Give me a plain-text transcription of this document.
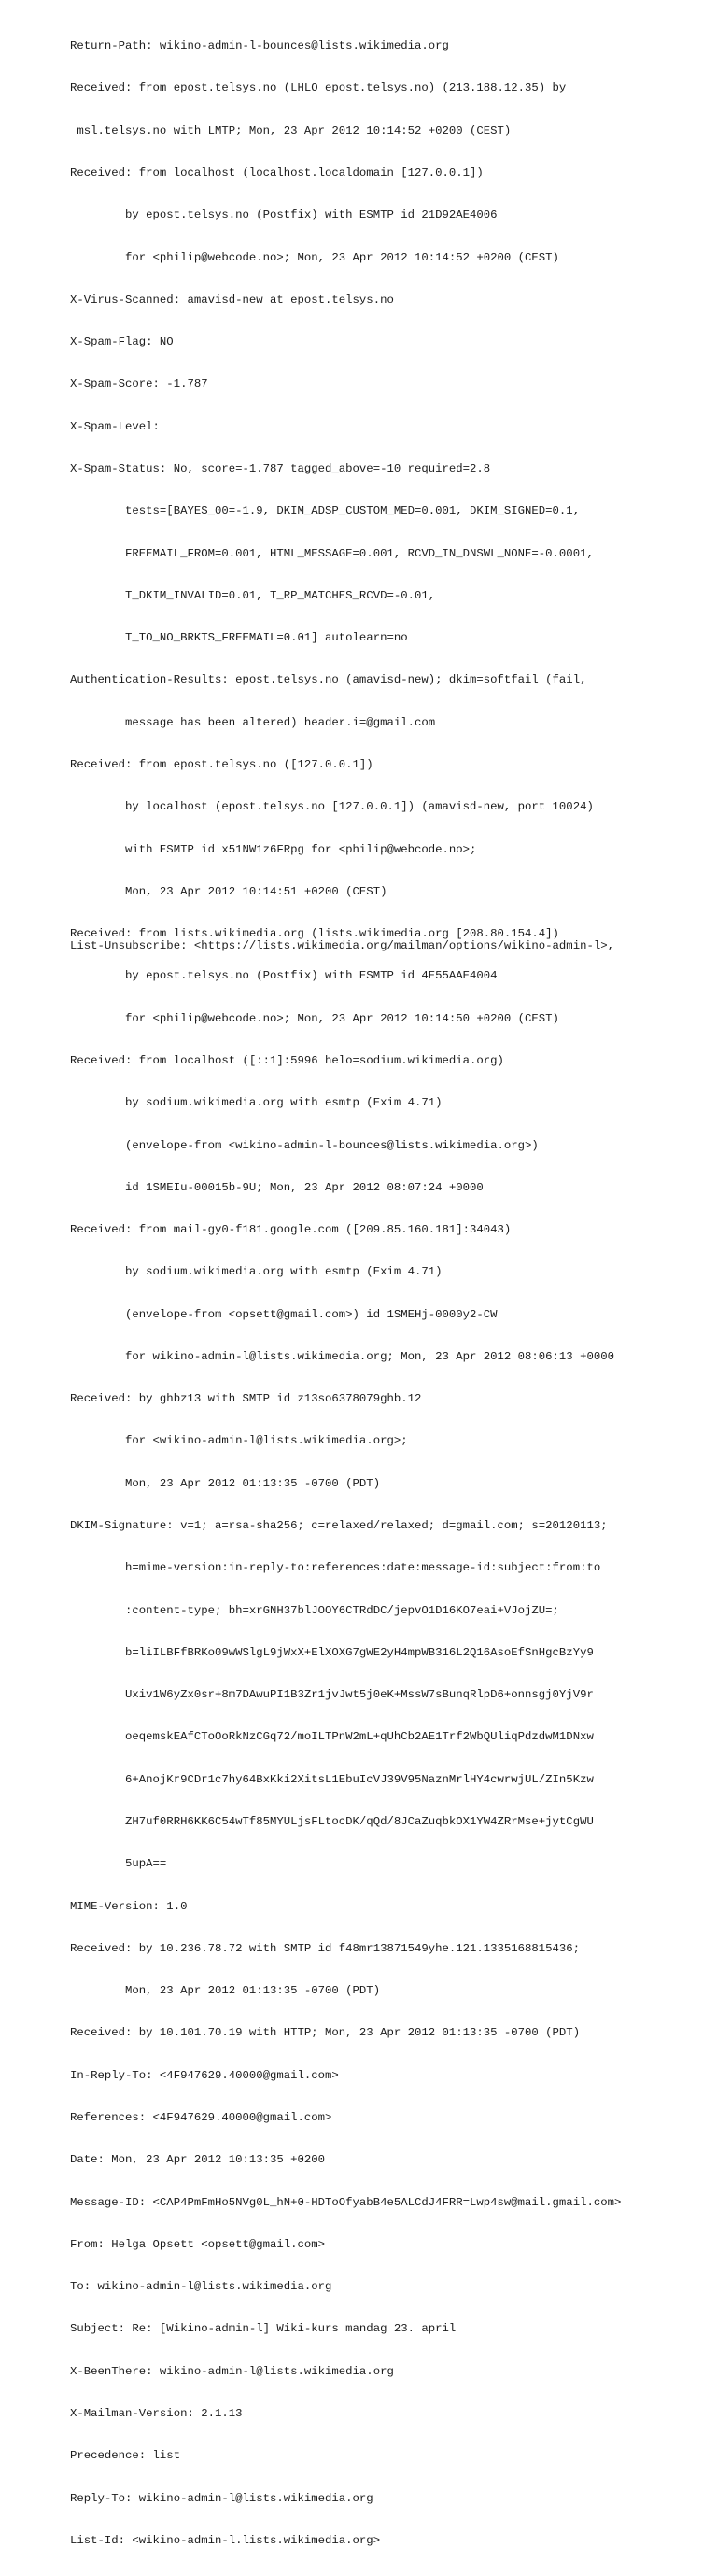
Return-Path: wikino-admin-l-bounces@lists.wikimedia.org

Received: from epost.telsys.no (LHLO epost.telsys.no) (213.188.12.35) by

msl.telsys.no with LMTP; Mon, 23 Apr 2012 10:14:52 +0200 (CEST)

Received: from localhost (localhost.localdomain [127.0.0.1])

by epost.telsys.no (Postfix) with ESMTP id 21D92AE4006

for <philip@webcode.no>; Mon, 23 Apr 2012 10:14:52 +0200 (CEST)

X-Virus-Scanned: amavisd-new at epost.telsys.no

X-Spam-Flag: NO

X-Spam-Score: -1.787

X-Spam-Level:

X-Spam-Status: No, score=-1.787 tagged_above=-10 required=2.8

tests=[BAYES_00=-1.9, DKIM_ADSP_CUSTOM_MED=0.001, DKIM_SIGNED=0.1,

FREEMAIL_FROM=0.001, HTML_MESSAGE=0.001, RCVD_IN_DNSWL_NONE=-0.0001,

T_DKIM_INVALID=0.01, T_RP_MATCHES_RCVD=-0.01,

T_TO_NO_BRKTS_FREEMAIL=0.01] autolearn=no

Authentication-Results: epost.telsys.no (amavisd-new); dkim=softfail (fail,

message has been altered) header.i=@gmail.com

Received: from epost.telsys.no ([127.0.0.1])

by localhost (epost.telsys.no [127.0.0.1]) (amavisd-new, port 10024)

with ESMTP id x51NW1z6FRpg for <philip@webcode.no>;

Mon, 23 Apr 2012 10:14:51 +0200 (CEST)

Received: from lists.wikimedia.org (lists.wikimedia.org [208.80.154.4])

by epost.telsys.no (Postfix) with ESMTP id 4E55AAE4004

for <philip@webcode.no>; Mon, 23 Apr 2012 10:14:50 +0200 (CEST)

Received: from localhost ([::1]:5996 helo=sodium.wikimedia.org)

by sodium.wikimedia.org with esmtp (Exim 4.71)

(envelope-from <wikino-admin-l-bounces@lists.wikimedia.org>)

id 1SMEIu-00015b-9U; Mon, 23 Apr 2012 08:07:24 +0000

Received: from mail-gy0-f181.google.com ([209.85.160.181]:34043)

by sodium.wikimedia.org with esmtp (Exim 4.71)

(envelope-from <opsett@gmail.com>) id 1SMEHj-0000y2-CW

for wikino-admin-l@lists.wikimedia.org; Mon, 23 Apr 2012 08:06:13 +0000

Received: by ghbz13 with SMTP id z13so6378079ghb.12

for <wikino-admin-l@lists.wikimedia.org>;

Mon, 23 Apr 2012 01:13:35 -0700 (PDT)

DKIM-Signature: v=1; a=rsa-sha256; c=relaxed/relaxed; d=gmail.com; s=20120113;

h=mime-version:in-reply-to:references:date:message-id:subject:from:to

:content-type; bh=xrGNH37blJOOY6CTRdDC/jepvO1D16KO7eai+VJojZU=;

b=liILBFfBRKo09wWSlgL9jWxX+ElXOXG7gWE2yH4mpWB316L2Q16AsoEfSnHgcBzYy9

Uxiv1W6yZx0sr+8m7DAwuPI1B3Zr1jvJwt5j0eK+MssW7sBunqRlpD6+onnsgj0YjV9r

oeqemskEAfCToOoRkNzCGq72/moILTPnW2mL+qUhCb2AE1Trf2WbQUliqPdzdwM1DNxw

6+AnojKr9CDr1c7hy64BxKki2XitsL1EbuIcVJ39V95NaznMrlHY4cwrwjUL/ZIn5Kzw

ZH7uf0RRH6KK6C54wTf85MYULjsFLtocDK/qQd/8JCaZuqbkOX1YW4ZRrMse+jytCgWU

5upA==

MIME-Version: 1.0

Received: by 10.236.78.72 with SMTP id f48mr13871549yhe.121.1335168815436;

Mon, 23 Apr 2012 01:13:35 -0700 (PDT)

Received: by 10.101.70.19 with HTTP; Mon, 23 Apr 2012 01:13:35 -0700 (PDT)

In-Reply-To: <4F947629.40000@gmail.com>

References: <4F947629.40000@gmail.com>

Date: Mon, 23 Apr 2012 10:13:35 +0200

Message-ID: <CAP4PmFmHo5NVg0L_hN+0-HDToOfyabB4e5ALCdJ4FRR=Lwp4sw@mail.gmail.com>

From: Helga Opsett <opsett@gmail.com>

To: wikino-admin-l@lists.wikimedia.org

Subject: Re: [Wikino-admin-l] Wiki-kurs mandag 23. april

X-BeenThere: wikino-admin-l@lists.wikimedia.org

X-Mailman-Version: 2.1.13

Precedence: list

Reply-To: wikino-admin-l@lists.wikimedia.org

List-Id: <wikino-admin-l.lists.wikimedia.org>

List-Unsubscribe: <https://lists.wikimedia.org/mailman/options/wikino-admin-l>,
